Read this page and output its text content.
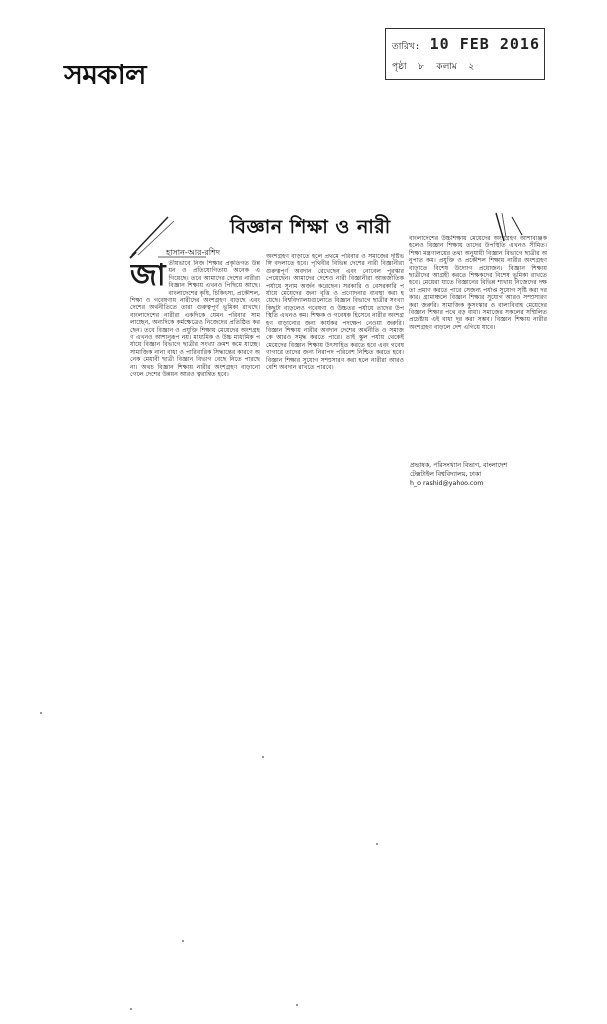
সমকাল
তারিখ: 10 FEB 2016
পৃষ্ঠা ৮ কলাম ২
বিজ্ঞান শিক্ষা ও নারী
হাসান-আর-রশিদ
জা তীয়ভাবে নিজ শিক্ষার প্রকৃতিগত উন্নয়ন ও প্রতিযোগিতায় অনেক এগিয়েছে। তবে আমাদের দেশের নারীরা বিজ্ঞান শিক্ষায় এখনও পিছিয়ে আছে। বাংলাদেশের কৃষি, চিকিৎসা, প্রকৌশল, শিক্ষা ও গবেষণায় নারীদের অংশগ্রহণ বাড়ছে এবং দেশের অর্থনীতিতে তারা গুরুত্বপূর্ণ ভূমিকা রাখছে। বাংলাদেশের নারীরা একদিকে যেমন পরিবার সামলাচ্ছেন, অন্যদিকে কর্মক্ষেত্রেও নিজেদের প্রতিষ্ঠিত করছেন। তবে বিজ্ঞান ও প্রযুক্তি শিক্ষায় মেয়েদের অংশগ্রহণ এখনও আশানুরূপ নয়। মাধ্যমিক ও উচ্চ মাধ্যমিক পর্যায়ে বিজ্ঞান বিভাগে ছাত্রীর সংখ্যা ক্রমশ কমে যাচ্ছে। সামাজিক নানা বাধা ও পারিবারিক সিদ্ধান্তের কারণে অনেক মেধাবী ছাত্রী বিজ্ঞান বিভাগ বেছে নিতে পারছে না। অথচ বিজ্ঞান শিক্ষায় নারীর অংশগ্রহণ বাড়ানো গেলে দেশের উন্নয়ন আরও ত্বরান্বিত হবে।
অংশগ্রহণ বাড়াতে হলে প্রথমে পরিবার ও সমাজের দৃষ্টিভঙ্গি বদলাতে হবে। পৃথিবীর বিভিন্ন দেশের নারী বিজ্ঞানীরা গুরুত্বপূর্ণ অবদান রেখেছেন এবং নোবেল পুরস্কার পেয়েছেন। আমাদের দেশেও নারী বিজ্ঞানীরা আন্তর্জাতিক পর্যায়ে সুনাম অর্জন করেছেন। সরকারি ও বেসরকারি পর্যায়ে মেয়েদের জন্য বৃত্তি ও প্রণোদনার ব্যবস্থা করা হয়েছে। বিশ্ববিদ্যালয়গুলোতে বিজ্ঞান বিভাগে ছাত্রীর সংখ্যা কিছুটা বাড়লেও গবেষণা ও উচ্চতর পর্যায়ে তাদের উপস্থিতি এখনও কম। শিক্ষক ও গবেষক হিসেবে নারীর অংশগ্রহণ বাড়ানোর জন্য কার্যকর পদক্ষেপ নেওয়া জরুরি। বিজ্ঞান শিক্ষায় নারীর অবদান দেশের অর্থনীতি ও সমাজকে আরও সমৃদ্ধ করতে পারে। তাই স্কুল পর্যায় থেকেই মেয়েদের বিজ্ঞান শিক্ষায় উৎসাহিত করতে হবে এবং গবেষণাগারে তাদের জন্য নিরাপদ পরিবেশ নিশ্চিত করতে হবে। বিজ্ঞান শিক্ষার সুযোগ সম্প্রসারণ করা হলে নারীরা আরও বেশি অবদান রাখতে পারবে।
বাংলাদেশের উচ্চশিক্ষায় মেয়েদের অংশগ্রহণ আশাব্যঞ্জক হলেও বিজ্ঞান শিক্ষায় তাদের উপস্থিতি এখনও সীমিত। শিক্ষা মন্ত্রণালয়ের তথ্য অনুযায়ী বিজ্ঞান বিভাগে ছাত্রীর অনুপাত কম। প্রযুক্তি ও প্রকৌশল শিক্ষায় নারীর অংশগ্রহণ বাড়াতে বিশেষ উদ্যোগ প্রয়োজন। বিজ্ঞান শিক্ষায় ছাত্রীদের আগ্রহী করতে শিক্ষকদের বিশেষ ভূমিকা রাখতে হবে। মেয়েরা যাতে বিজ্ঞানের বিভিন্ন শাখায় নিজেদের দক্ষতা প্রমাণ করতে পারে সেজন্য পর্যাপ্ত সুযোগ সৃষ্টি করা দরকার। গ্রামাঞ্চলে বিজ্ঞান শিক্ষার সুযোগ আরও সম্প্রসারণ করা জরুরি। সামাজিক কুসংস্কার ও বাল্যবিবাহ মেয়েদের বিজ্ঞান শিক্ষার পথে বড় বাধা। সমাজের সকলের সম্মিলিত প্রচেষ্টায় এই বাধা দূর করা সম্ভব। বিজ্ঞান শিক্ষায় নারীর অংশগ্রহণ বাড়লে দেশ এগিয়ে যাবে।
প্রভাষক, পরিসংখ্যান বিভাগ, বাংলাদেশ
টেক্সটাইল বিশ্ববিদ্যালয়, ঢাকা
h_o rashid@yahoo.com
